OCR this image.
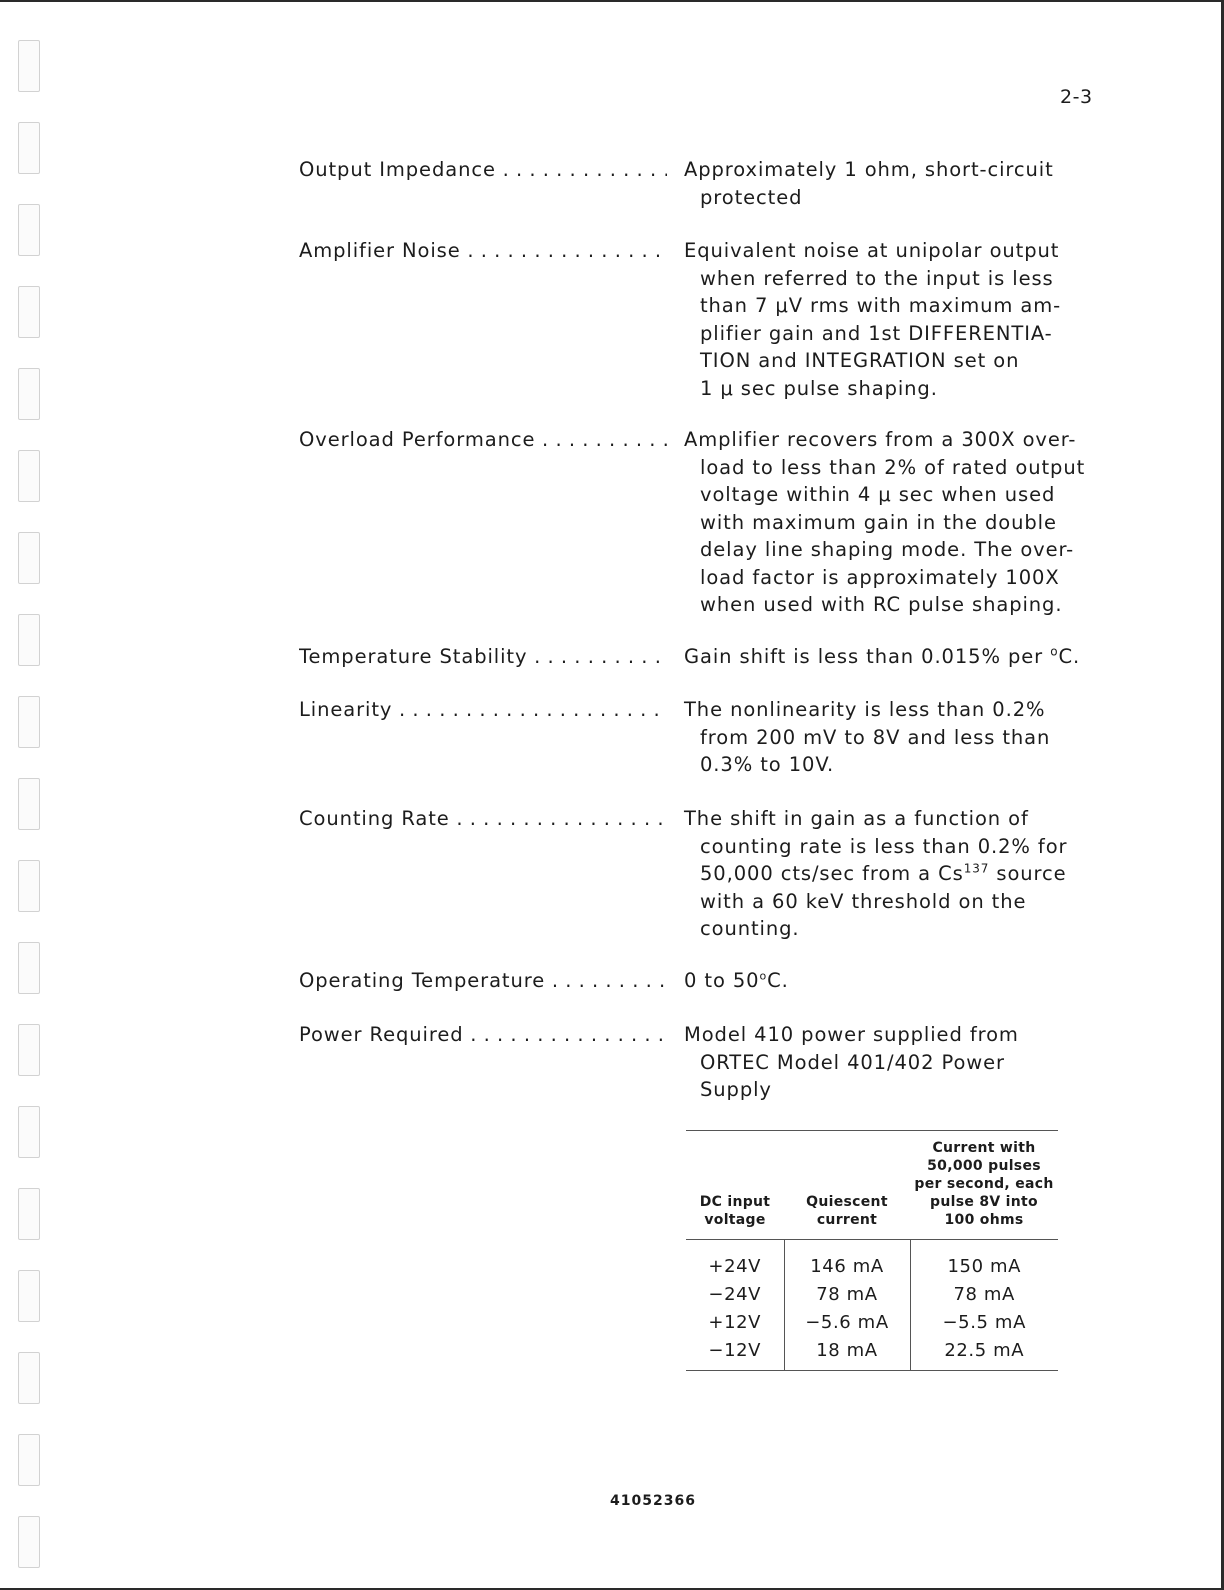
2-3
Output Impedance . . .	Approximately 1 ohm, short-circuit
protected
Amplifier Noise . . .	Equivalent noise at unipolar output
when referred to the input is less
than 7 μV rms with maximum am-
plifier gain and 1st DIFFERENTIA-
TION and INTEGRATION set on
1 μ sec pulse shaping.
Overload Performance . . .	Amplifier recovers from a 300X over-
load to less than 2% of rated output
voltage within 4 μ sec when used
with maximum gain in the double
delay line shaping mode. The over-
load factor is approximately 100X
when used with RC pulse shaping.
Temperature Stability . . .	Gain shift is less than 0.015% per $^o$C.
Linearity . . .	The nonlinearity is less than 0.2%
from 200 mV to 8V and less than
0.3% to 10V.
Counting Rate . . .	The shift in gain as a function of
counting rate is less than 0.2% for
50,000 cts/sec from a Cs$^{137}$ source
with a 60 keV threshold on the
counting.
Operating Temperature . . .	0 to 50$^o$C.
Power Required . . .	Model 410 power supplied from
ORTEC Model 401/402 Power
Supply
DC input voltage	Quiescent current	Current with 50,000 pulses per second, each pulse 8V into 100 ohms
+24V	146 mA	150 mA
−24V	78 mA	78 mA
+12V	−5.6 mA	−5.5 mA
−12V	18 mA	22.5 mA
41052366
